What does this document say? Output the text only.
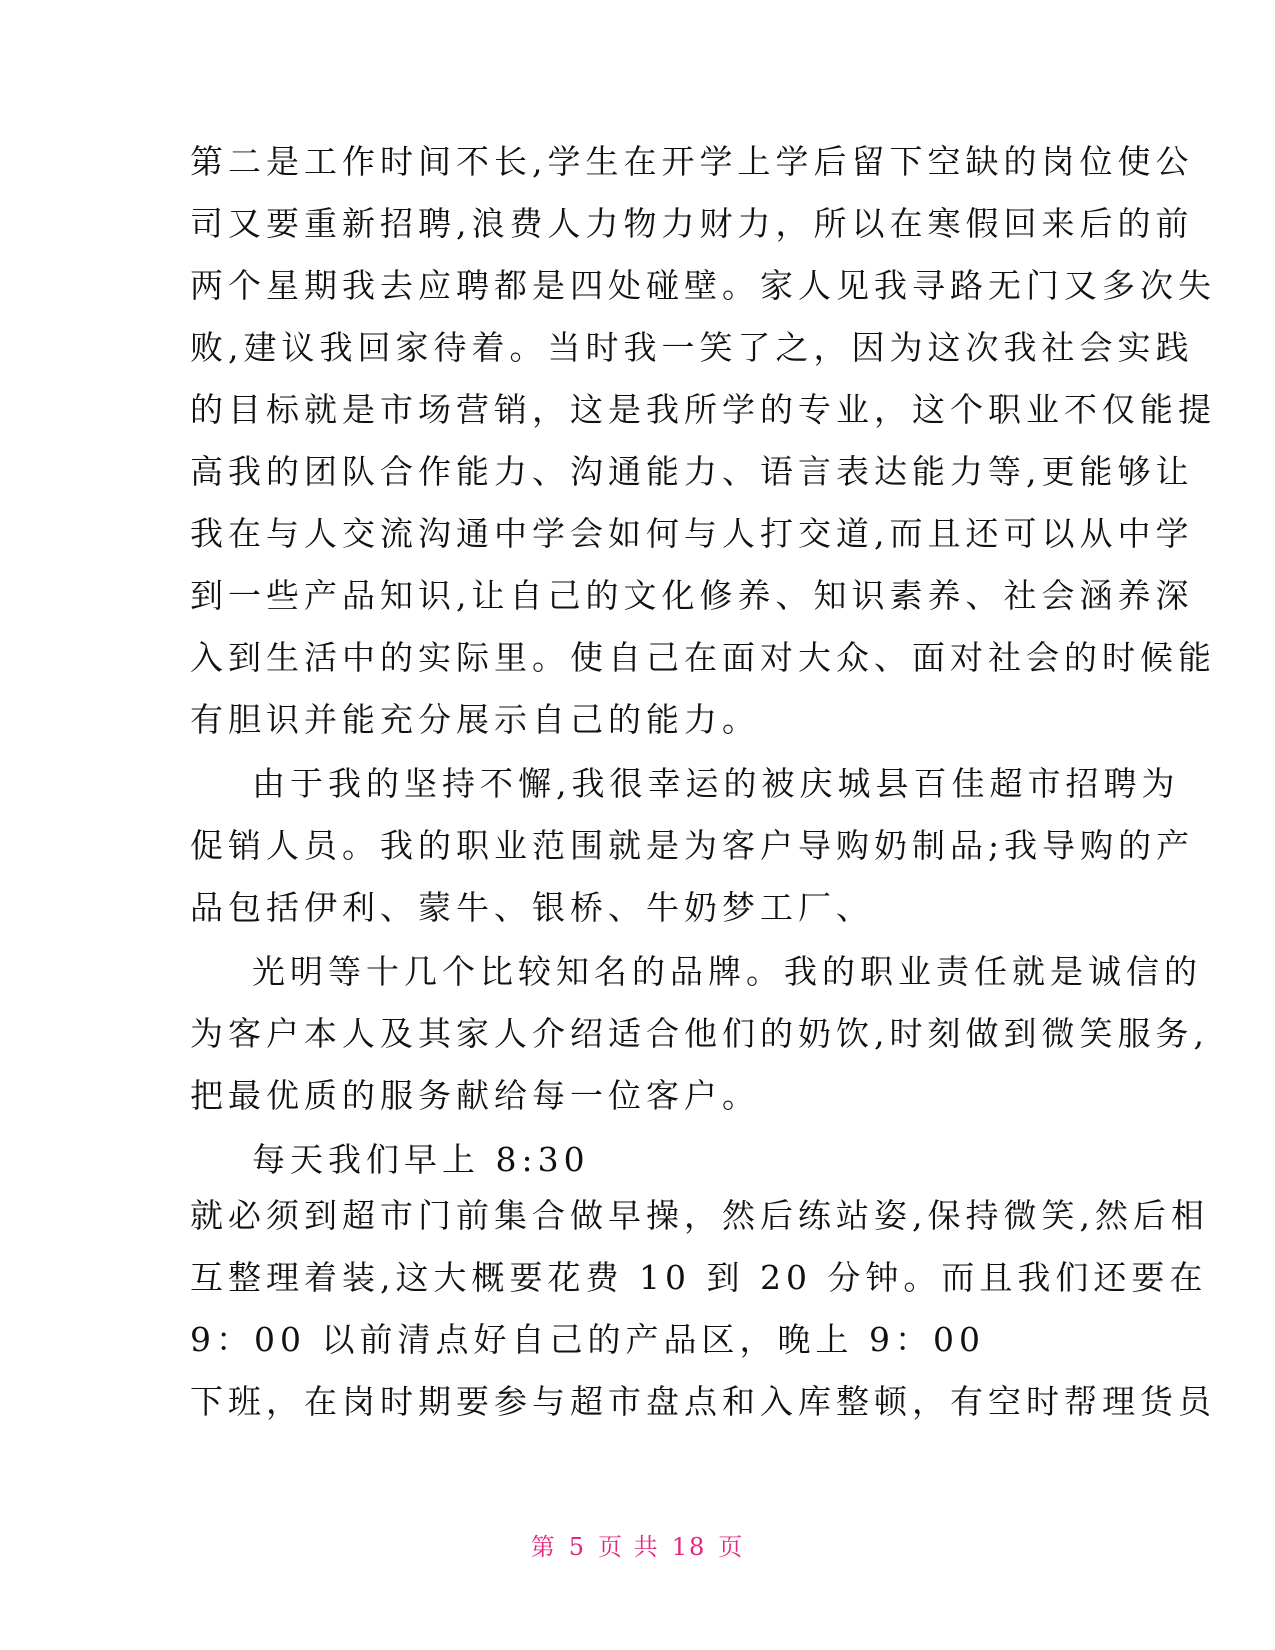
第二是工作时间不长,学生在开学上学后留下空缺的岗位使公
司又要重新招聘,浪费人力物力财力，所以在寒假回来后的前
两个星期我去应聘都是四处碰壁。家人见我寻路无门又多次失
败,建议我回家待着。当时我一笑了之，因为这次我社会实践
的目标就是市场营销，这是我所学的专业，这个职业不仅能提
高我的团队合作能力、沟通能力、语言表达能力等,更能够让
我在与人交流沟通中学会如何与人打交道,而且还可以从中学
到一些产品知识,让自己的文化修养、知识素养、社会涵养深
入到生活中的实际里。使自己在面对大众、面对社会的时候能
有胆识并能充分展示自己的能力。
由于我的坚持不懈,我很幸运的被庆城县百佳超市招聘为
促销人员。我的职业范围就是为客户导购奶制品;我导购的产
品包括伊利、蒙牛、银桥、牛奶梦工厂、
光明等十几个比较知名的品牌。我的职业责任就是诚信的
为客户本人及其家人介绍适合他们的奶饮,时刻做到微笑服务,
把最优质的服务献给每一位客户。
每天我们早上 8:30
就必须到超市门前集合做早操，然后练站姿,保持微笑,然后相
互整理着装,这大概要花费 10 到 20 分钟。而且我们还要在
9：00 以前清点好自己的产品区，晚上 9：00
下班，在岗时期要参与超市盘点和入库整顿，有空时帮理货员
第 5 页 共 18 页
